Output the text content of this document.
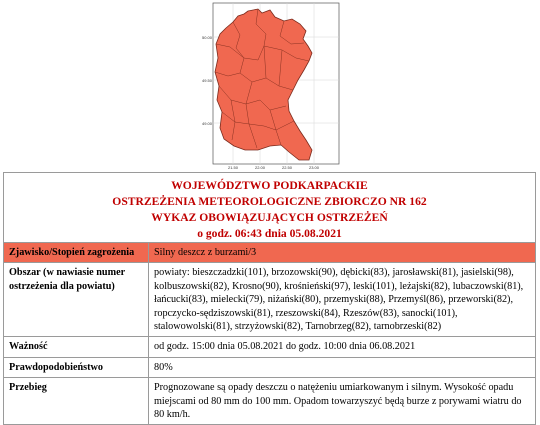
50.00
49.50
49.00
21.50	22.00	22.50	23.00
WOJEWÓDZTWO PODKARPACKIE
OSTRZEŻENIA METEOROLOGICZNE ZBIORCZO NR 162
WYKAZ OBOWIĄZUJĄCYCH OSTRZEŻEŃ
o godz. 06:43 dnia 05.08.2021
Zjawisko/Stopień zagrożenia	Silny deszcz z burzami/3
Obszar (w nawiasie numer ostrzeżenia dla powiatu)	powiaty: bieszczadzki(101), brzozowski(90), dębicki(83), jarosławski(81), jasielski(98), kolbuszowski(82), Krosno(90), krośnieński(97), leski(101), leżajski(82), lubaczowski(81), łańcucki(83), mielecki(79), niżański(80), przemyski(88), Przemyśl(86), przeworski(82), ropczycko-sędziszowski(81), rzeszowski(84), Rzeszów(83), sanocki(101), stalowowolski(81), strzyżowski(82), Tarnobrzeg(82), tarnobrzeski(82)
Ważność	od godz. 15:00 dnia 05.08.2021 do godz. 10:00 dnia 06.08.2021
Prawdopodobieństwo	80%
Przebieg	Prognozowane są opady deszczu o natężeniu umiarkowanym i silnym. Wysokość opadu miejscami od 80 mm do 100 mm. Opadom towarzyszyć będą burze z porywami wiatru do 80 km/h.
